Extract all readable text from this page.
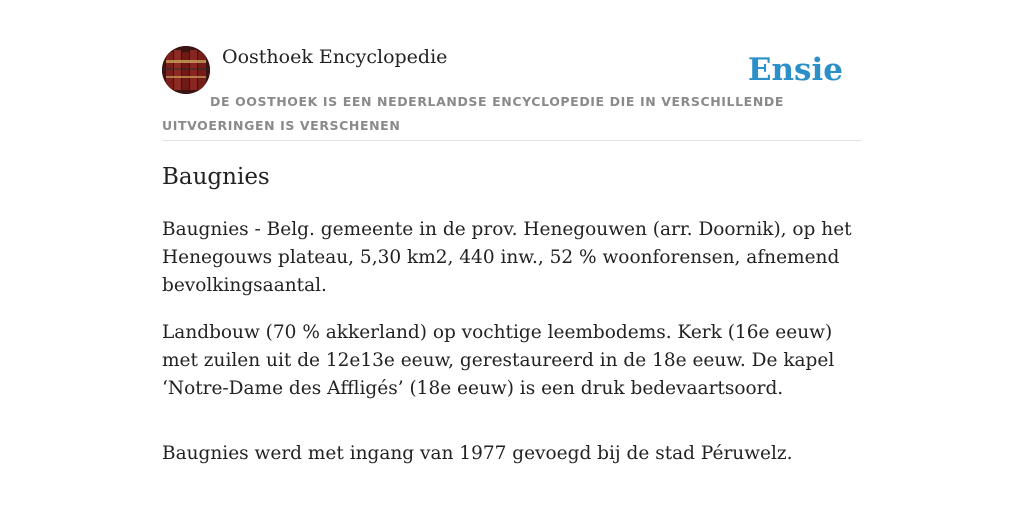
Oosthoek Encyclopedie	Ensie
DE OOSTHOEK IS EEN NEDERLANDSE ENCYCLOPEDIE DIE IN VERSCHILLENDE UITVOERINGEN IS VERSCHENEN
Baugnies

Baugnies - Belg. gemeente in de prov. Henegouwen (arr. Doornik), op het Henegouws plateau, 5,30 km2, 440 inw., 52 % woonforensen, afnemend bevolkingsaantal.

Landbouw (70 % akkerland) op vochtige leembodems. Kerk (16e eeuw) met zuilen uit de 12e13e eeuw, gerestaureerd in de 18e eeuw. De kapel ‘Notre-Dame des Affligés’ (18e eeuw) is een druk bedevaartsoord.

Baugnies werd met ingang van 1977 gevoegd bij de stad Péruwelz.
